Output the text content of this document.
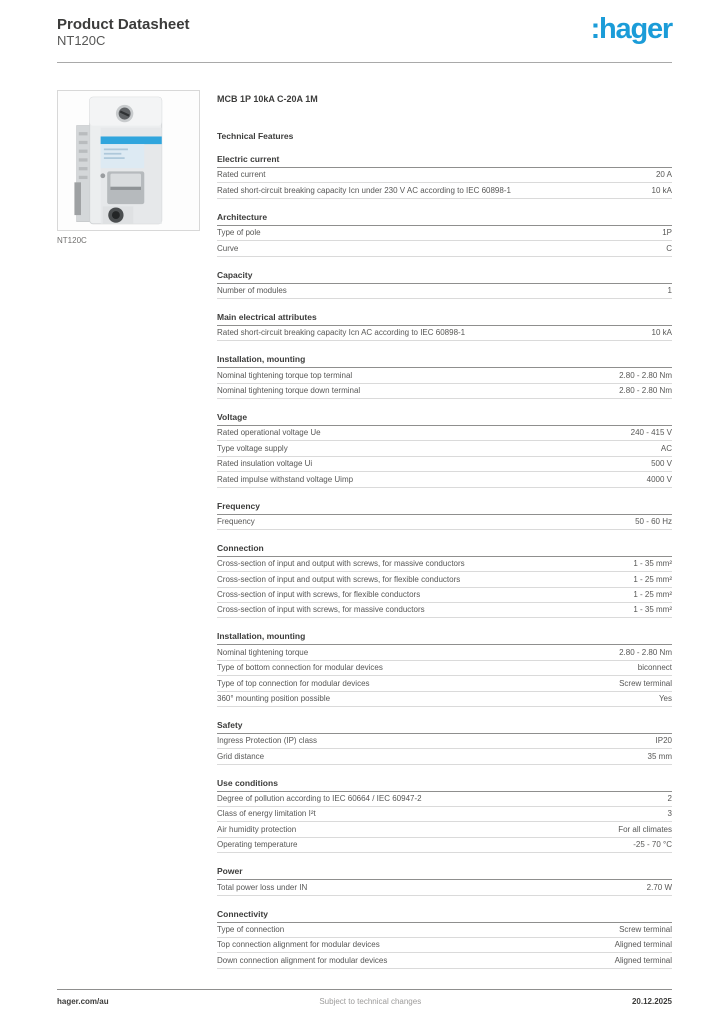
Product Datasheet
NT120C	:hager
NT120C
MCB 1P 10kA C-20A 1M
Technical Features
Electric current
Rated current	20 A
Rated short-circuit breaking capacity Icn under 230 V AC according to IEC 60898-1	10 kA
Architecture
Type of pole	1P
Curve	C
Capacity
Number of modules	1
Main electrical attributes
Rated short-circuit breaking capacity Icn AC according to IEC 60898-1	10 kA
Installation, mounting
Nominal tightening torque top terminal	2.80 - 2.80 Nm
Nominal tightening torque down terminal	2.80 - 2.80 Nm
Voltage
Rated operational voltage Ue	240 - 415 V
Type voltage supply	AC
Rated insulation voltage Ui	500 V
Rated impulse withstand voltage Uimp	4000 V
Frequency
Frequency	50 - 60 Hz
Connection
Cross-section of input and output with screws, for massive conductors	1 - 35 mm²
Cross-section of input and output with screws, for flexible conductors	1 - 25 mm²
Cross-section of input with screws, for flexible conductors	1 - 25 mm²
Cross-section of input with screws, for massive conductors	1 - 35 mm²
Installation, mounting
Nominal tightening torque	2.80 - 2.80 Nm
Type of bottom connection for modular devices	biconnect
Type of top connection for modular devices	Screw terminal
360° mounting position possible	Yes
Safety
Ingress Protection (IP) class	IP20
Grid distance	35 mm
Use conditions
Degree of pollution according to IEC 60664 / IEC 60947-2	2
Class of energy limitation I²t	3
Air humidity protection	For all climates
Operating temperature	-25 - 70 °C
Power
Total power loss under IN	2.70 W
Connectivity
Type of connection	Screw terminal
Top connection alignment for modular devices	Aligned terminal
Down connection alignment for modular devices	Aligned terminal
hager.com/au	Subject to technical changes	20.12.2025
